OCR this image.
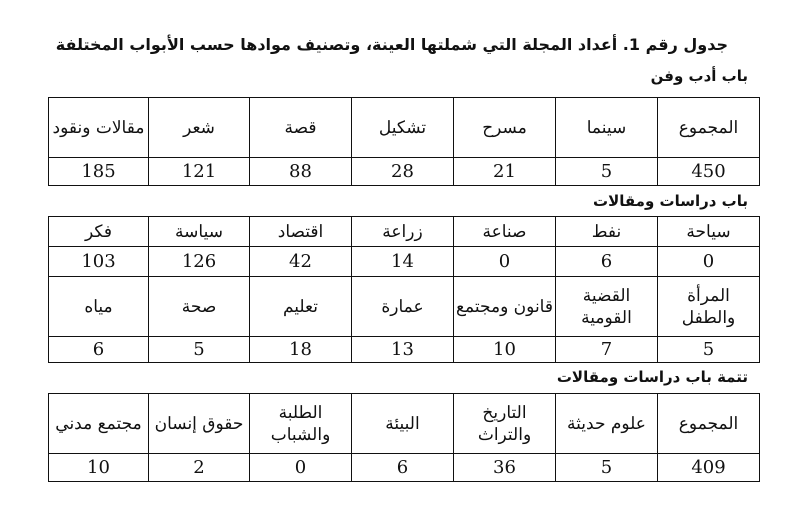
جدول رقم 1. أعداد المجلة التي شملتها العينة، وتصنيف موادها حسب الأبواب المختلفة
باب أدب وفن
المجموع	سينما	مسرح	تشكيل	قصة	شعر	مقالات ونقود
450	5	21	28	88	121	185
باب دراسات ومقالات
سياحة	نفط	صناعة	زراعة	اقتصاد	سياسة	فكر
0	6	0	14	42	126	103
المرأة والطفل	القضية القومية	قانون ومجتمع	عمارة	تعليم	صحة	مياه
5	7	10	13	18	5	6
تتمة باب دراسات ومقالات
المجموع	علوم حديثة	التاريخ والتراث	البيئة	الطلبة والشباب	حقوق إنسان	مجتمع مدني
409	5	36	6	0	2	10
